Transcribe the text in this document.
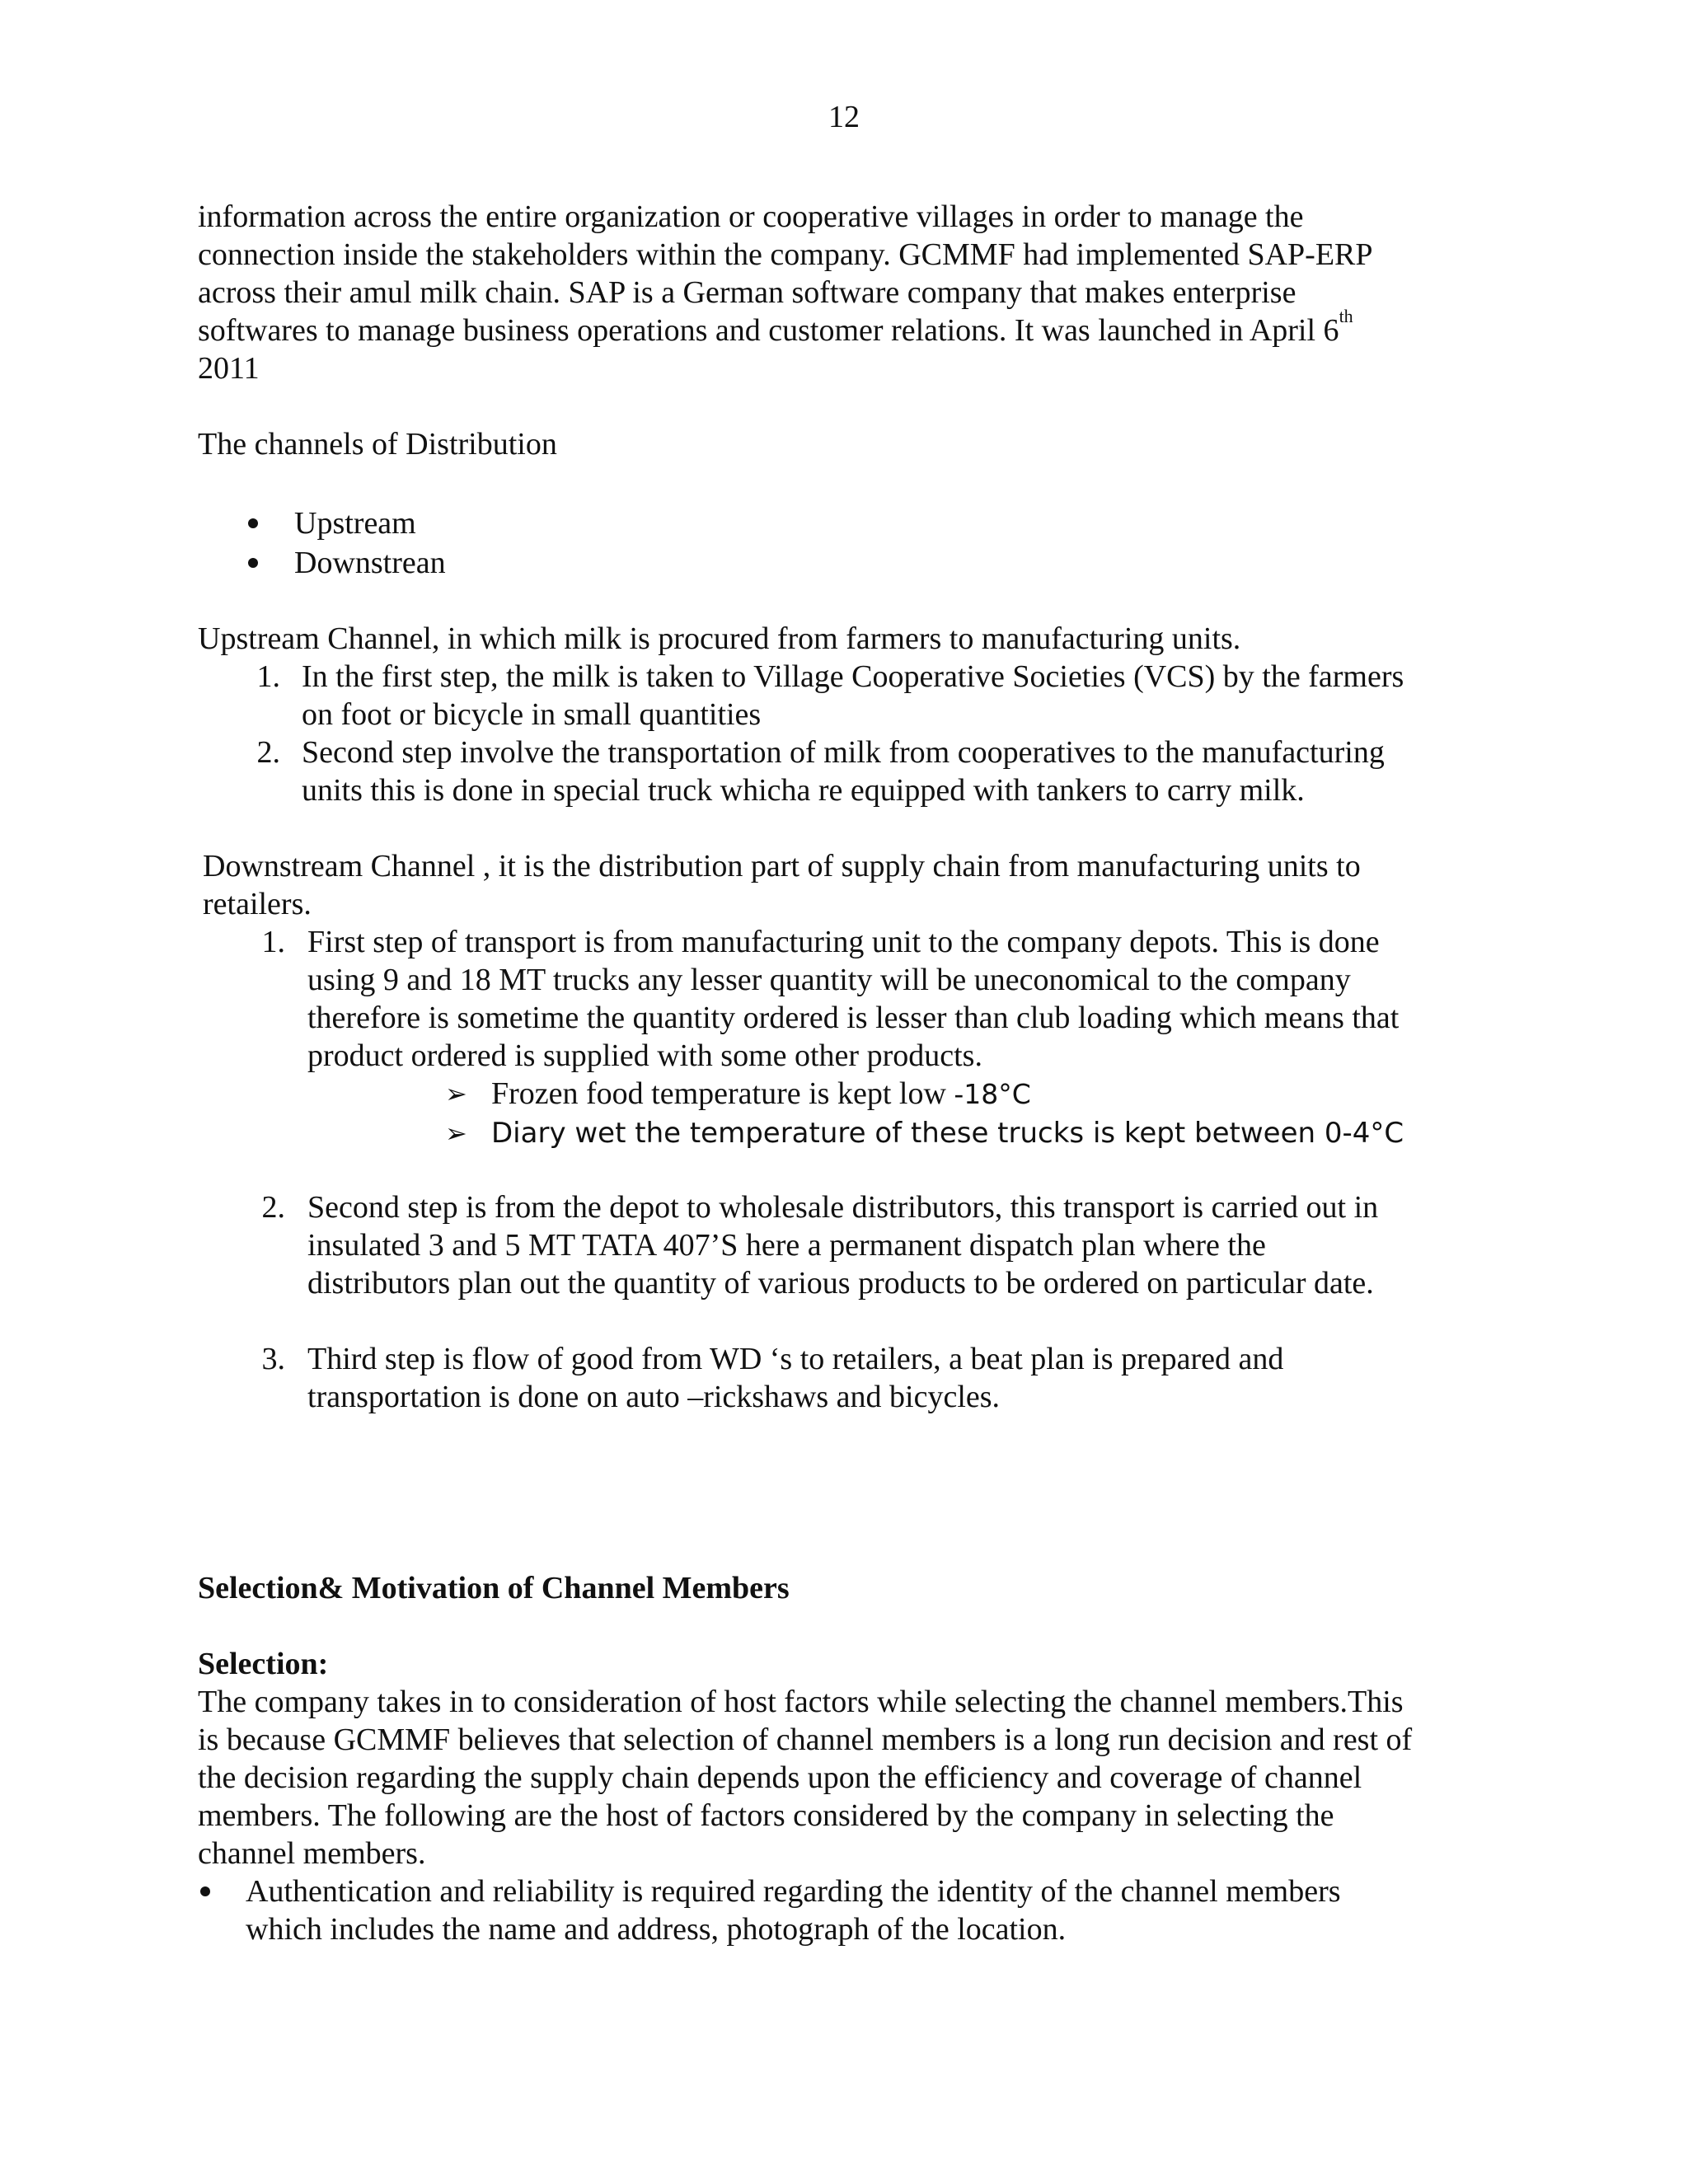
12
information across the entire organization or cooperative villages in order to manage the
connection inside the stakeholders within the company. GCMMF had implemented SAP-ERP
across their amul milk chain. SAP is a German software company that makes enterprise
softwares to manage business operations and customer relations. It was launched in April 6th
2011
The channels of Distribution
Upstream
Downstrean
Upstream Channel, in which milk is procured from farmers to manufacturing units.
1. In the first step, the milk is taken to Village Cooperative Societies (VCS) by the farmers
on foot or bicycle in small quantities
2. Second step involve the transportation of milk from cooperatives to the manufacturing
units this is done in special truck whicha re equipped with tankers to carry milk.
Downstream Channel , it is the distribution part of supply chain from manufacturing units to
retailers.
1. First step of transport is from manufacturing unit to the company depots. This is done
using 9 and 18 MT trucks any lesser quantity will be uneconomical to the company
therefore is sometime the quantity ordered is lesser than club loading which means that
product ordered is supplied with some other products.
➢ Frozen food temperature is kept low -18°C
➢ Diary wet the temperature of these trucks is kept between 0-4°C
2. Second step is from the depot to wholesale distributors, this transport is carried out in
insulated 3 and 5 MT TATA 407’S here a permanent dispatch plan where the
distributors plan out the quantity of various products to be ordered on particular date.
3. Third step is flow of good from WD ‘s to retailers, a beat plan is prepared and
transportation is done on auto –rickshaws and bicycles.
Selection& Motivation of Channel Members
Selection:
The company takes in to consideration of host factors while selecting the channel members.This
is because GCMMF believes that selection of channel members is a long run decision and rest of
the decision regarding the supply chain depends upon the efficiency and coverage of channel
members. The following are the host of factors considered by the company in selecting the
channel members.
Authentication and reliability is required regarding the identity of the channel members
which includes the name and address, photograph of the location.
